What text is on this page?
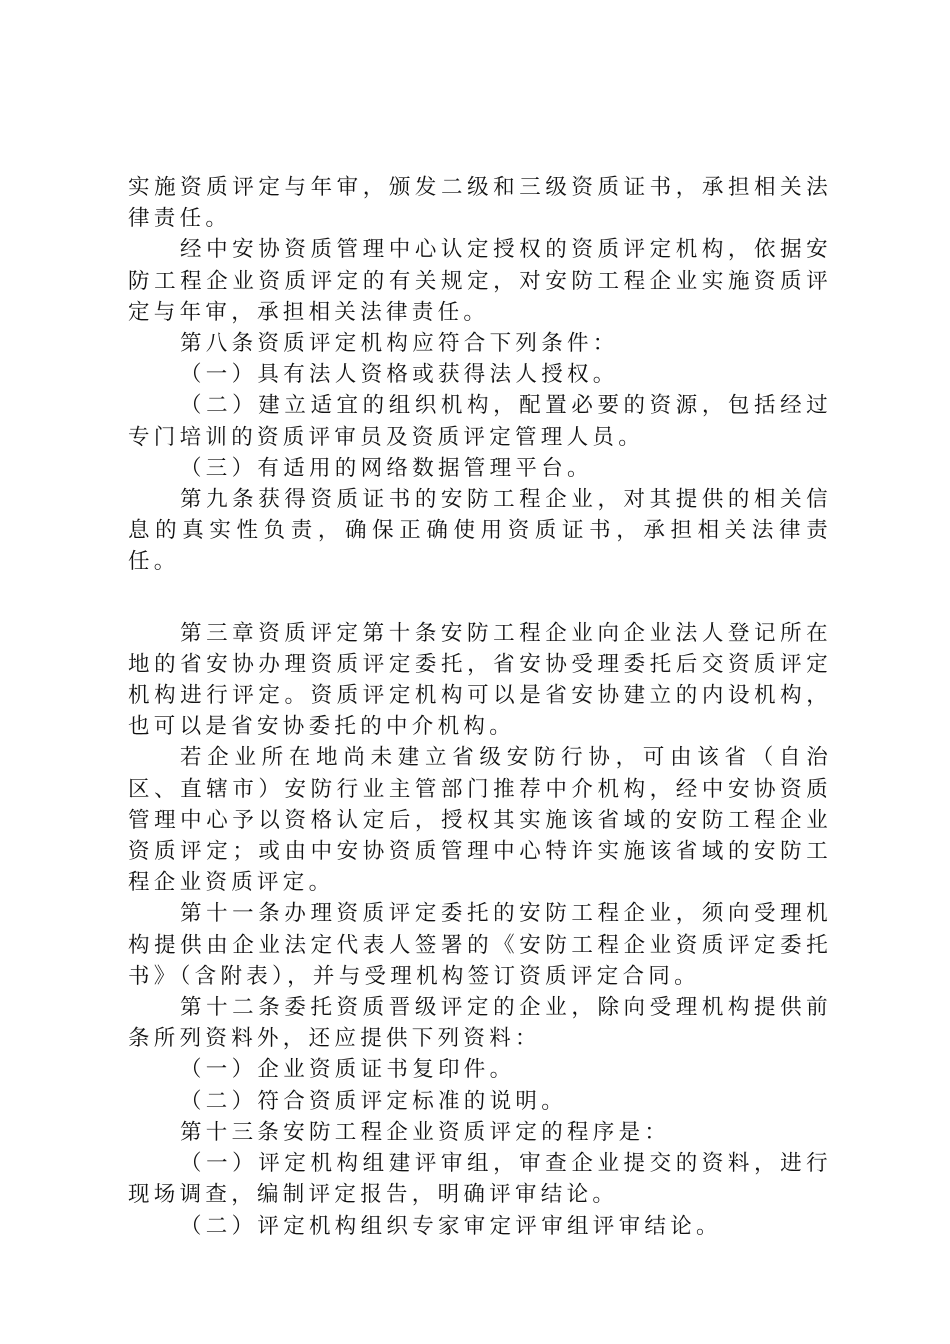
实施资质评定与年审，颁发二级和三级资质证书，承担相关法律责任。

经中安协资质管理中心认定授权的资质评定机构，依据安防工程企业资质评定的有关规定，对安防工程企业实施资质评定与年审，承担相关法律责任。

第八条资质评定机构应符合下列条件：

（一）具有法人资格或获得法人授权。

（二）建立适宜的组织机构，配置必要的资源，包括经过专门培训的资质评审员及资质评定管理人员。

（三）有适用的网络数据管理平台。

第九条获得资质证书的安防工程企业，对其提供的相关信息的真实性负责，确保正确使用资质证书，承担相关法律责任。

第三章资质评定第十条安防工程企业向企业法人登记所在地的省安协办理资质评定委托，省安协受理委托后交资质评定机构进行评定。资质评定机构可以是省安协建立的内设机构，也可以是省安协委托的中介机构。

若企业所在地尚未建立省级安防行协，可由该省（自治区、直辖市）安防行业主管部门推荐中介机构，经中安协资质管理中心予以资格认定后，授权其实施该省域的安防工程企业资质评定；或由中安协资质管理中心特许实施该省域的安防工程企业资质评定。

第十一条办理资质评定委托的安防工程企业，须向受理机构提供由企业法定代表人签署的《安防工程企业资质评定委托书》（含附表），并与受理机构签订资质评定合同。

第十二条委托资质晋级评定的企业，除向受理机构提供前条所列资料外，还应提供下列资料：

（一）企业资质证书复印件。

（二）符合资质评定标准的说明。

第十三条安防工程企业资质评定的程序是：

（一）评定机构组建评审组，审查企业提交的资料，进行现场调查，编制评定报告，明确评审结论。

（二）评定机构组织专家审定评审组评审结论。
